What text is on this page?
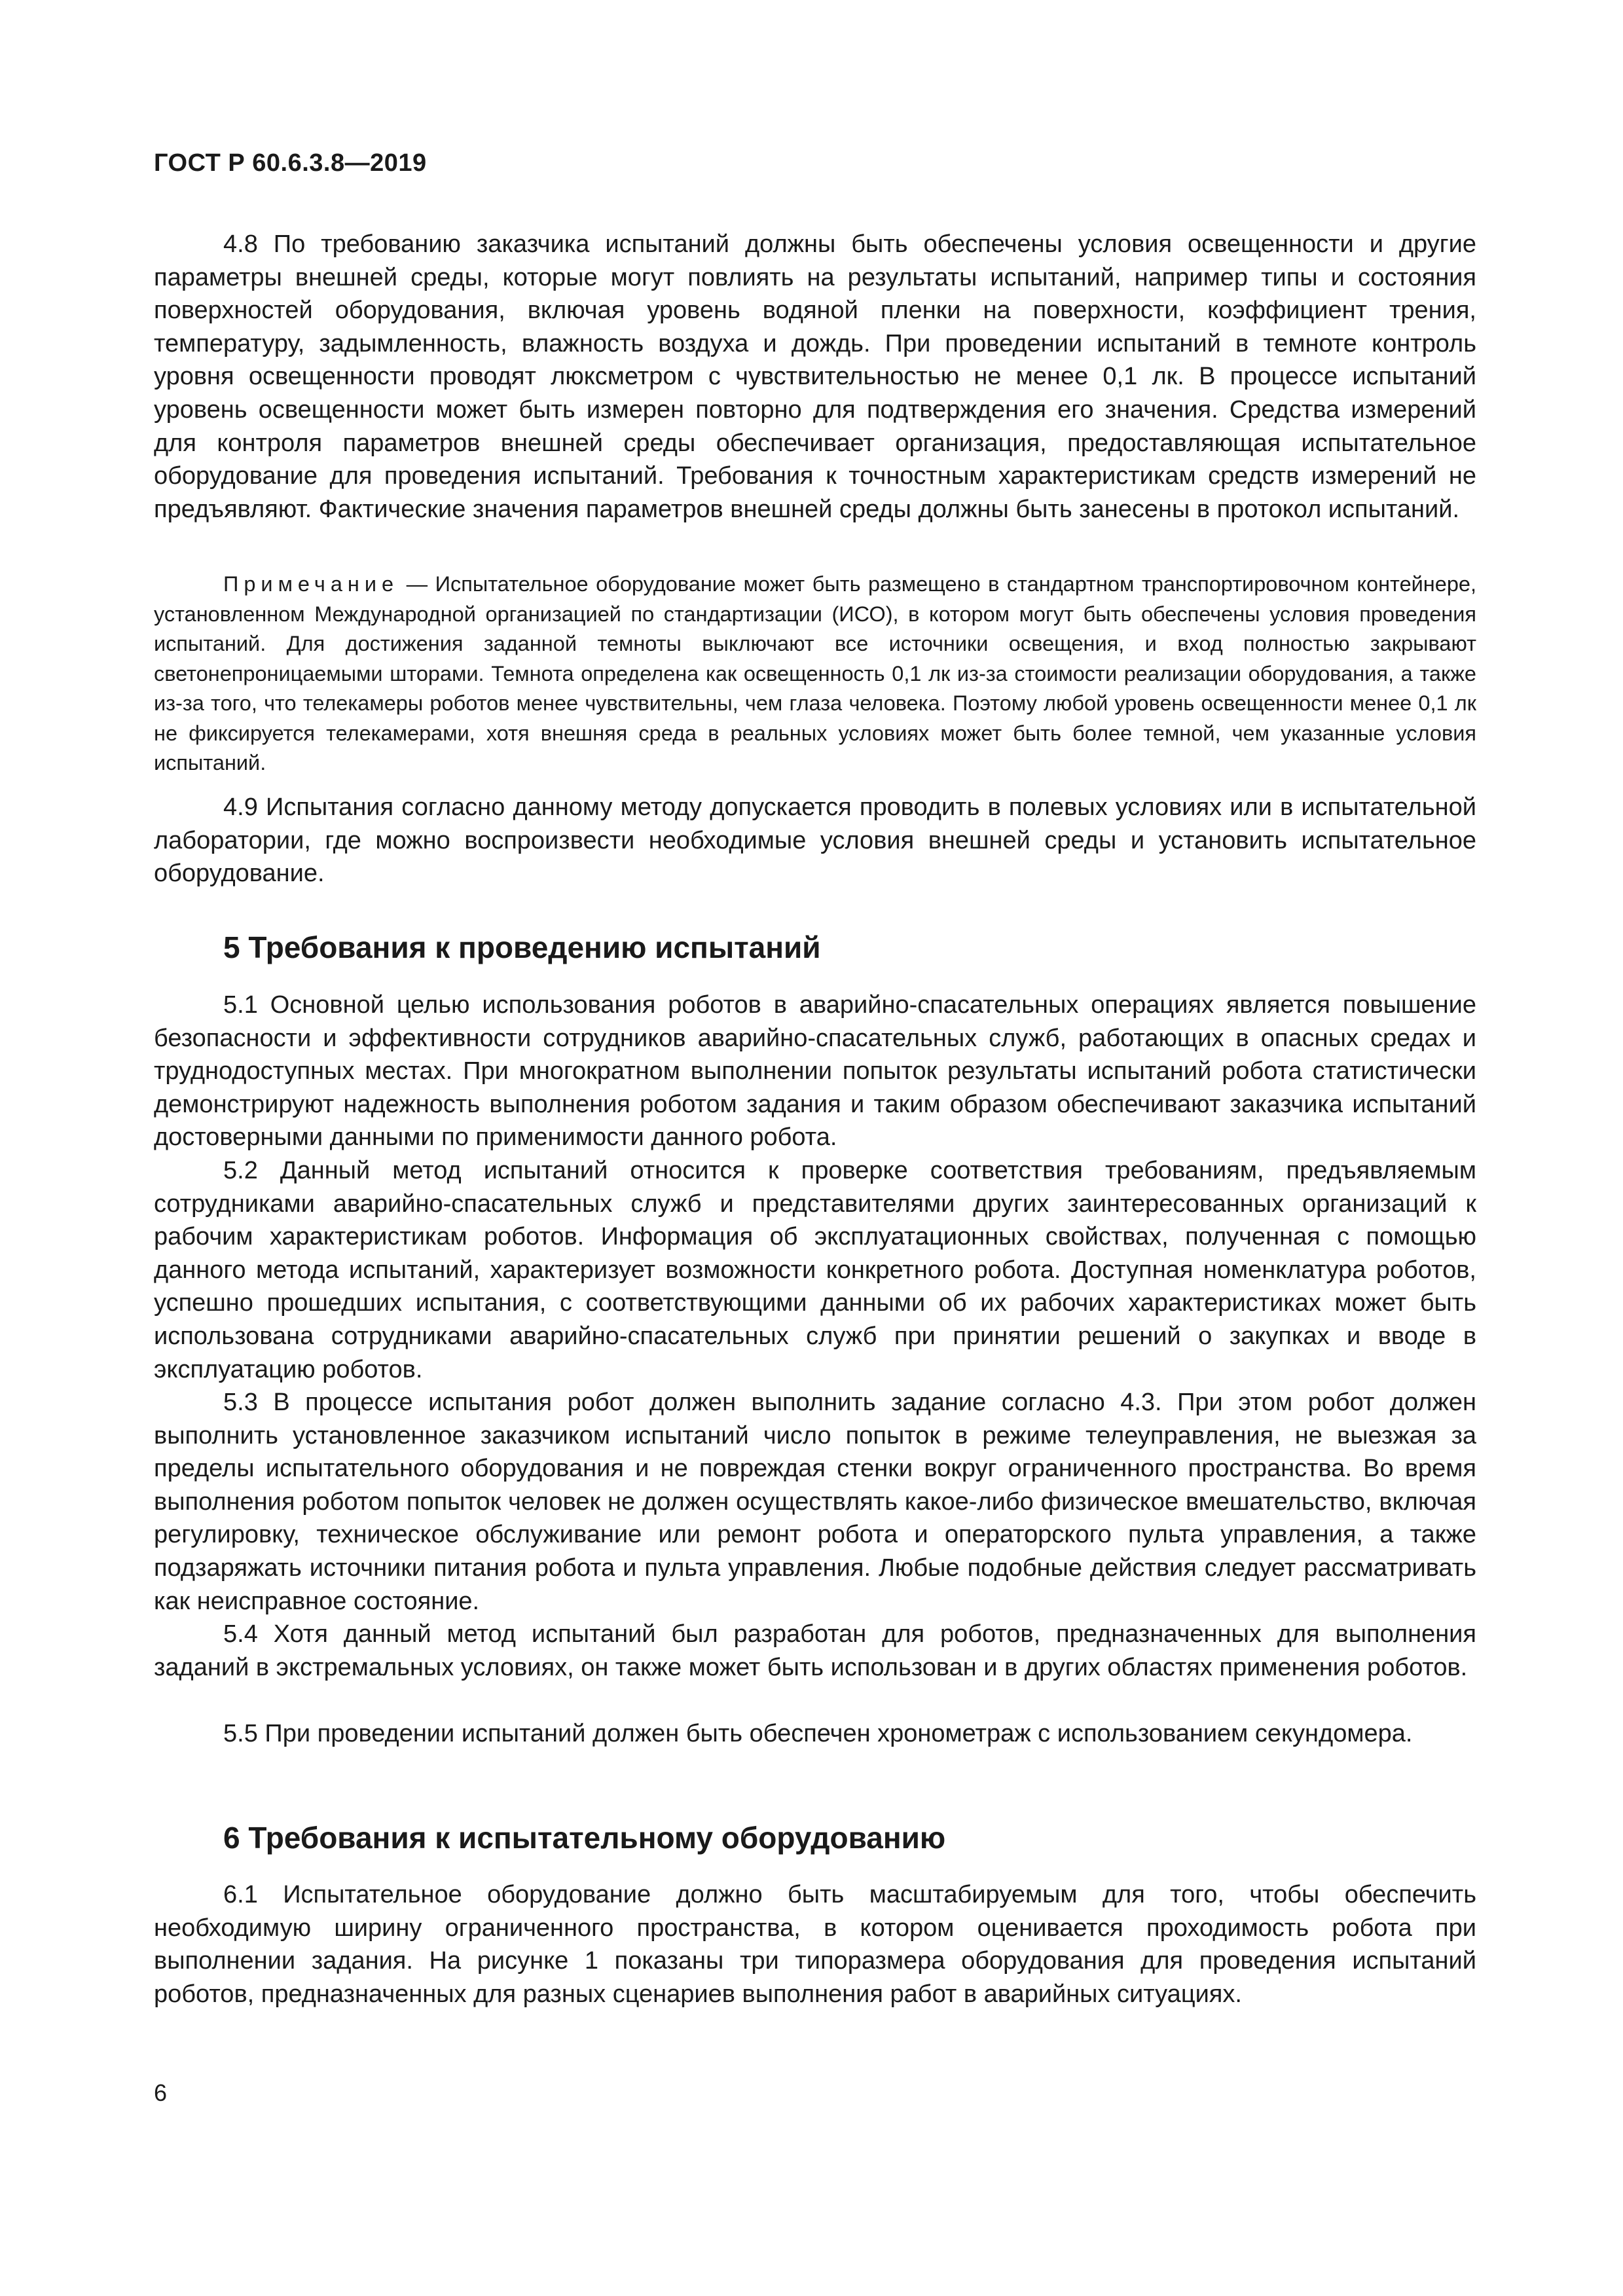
ГОСТ Р 60.6.3.8—2019

4.8 По требованию заказчика испытаний должны быть обеспечены условия освещенности и другие параметры внешней среды, которые могут повлиять на результаты испытаний, например типы и состояния поверхностей оборудования, включая уровень водяной пленки на поверхности, коэффициент трения, температуру, задымленность, влажность воздуха и дождь. При проведении испытаний в темноте контроль уровня освещенности проводят люксметром с чувствительностью не менее 0,1 лк. В процессе испытаний уровень освещенности может быть измерен повторно для подтверждения его значения. Средства измерений для контроля параметров внешней среды обеспечивает организация, предоставляющая испытательное оборудование для проведения испытаний. Требования к точностным характеристикам средств измерений не предъявляют. Фактические значения параметров внешней среды должны быть занесены в протокол испытаний.

Примечание — Испытательное оборудование может быть размещено в стандартном транспортировочном контейнере, установленном Международной организацией по стандартизации (ИСО), в котором могут быть обеспечены условия проведения испытаний. Для достижения заданной темноты выключают все источники освещения, и вход полностью закрывают светонепроницаемыми шторами. Темнота определена как освещенность 0,1 лк из-за стоимости реализации оборудования, а также из-за того, что телекамеры роботов менее чувствительны, чем глаза человека. Поэтому любой уровень освещенности менее 0,1 лк не фиксируется телекамерами, хотя внешняя среда в реальных условиях может быть более темной, чем указанные условия испытаний.

4.9 Испытания согласно данному методу допускается проводить в полевых условиях или в испытательной лаборатории, где можно воспроизвести необходимые условия внешней среды и установить испытательное оборудование.

5 Требования к проведению испытаний

5.1 Основной целью использования роботов в аварийно-спасательных операциях является повышение безопасности и эффективности сотрудников аварийно-спасательных служб, работающих в опасных средах и труднодоступных местах. При многократном выполнении попыток результаты испытаний робота статистически демонстрируют надежность выполнения роботом задания и таким образом обеспечивают заказчика испытаний достоверными данными по применимости данного робота.

5.2 Данный метод испытаний относится к проверке соответствия требованиям, предъявляемым сотрудниками аварийно-спасательных служб и представителями других заинтересованных организаций к рабочим характеристикам роботов. Информация об эксплуатационных свойствах, полученная с помощью данного метода испытаний, характеризует возможности конкретного робота. Доступная номенклатура роботов, успешно прошедших испытания, с соответствующими данными об их рабочих характеристиках может быть использована сотрудниками аварийно-спасательных служб при принятии решений о закупках и вводе в эксплуатацию роботов.

5.3 В процессе испытания робот должен выполнить задание согласно 4.3. При этом робот должен выполнить установленное заказчиком испытаний число попыток в режиме телеуправления, не выезжая за пределы испытательного оборудования и не повреждая стенки вокруг ограниченного пространства. Во время выполнения роботом попыток человек не должен осуществлять какое-либо физическое вмешательство, включая регулировку, техническое обслуживание или ремонт робота и операторского пульта управления, а также подзаряжать источники питания робота и пульта управления. Любые подобные действия следует рассматривать как неисправное состояние.

5.4 Хотя данный метод испытаний был разработан для роботов, предназначенных для выполнения заданий в экстремальных условиях, он также может быть использован и в других областях применения роботов.

5.5 При проведении испытаний должен быть обеспечен хронометраж с использованием секундомера.

6 Требования к испытательному оборудованию

6.1 Испытательное оборудование должно быть масштабируемым для того, чтобы обеспечить необходимую ширину ограниченного пространства, в котором оценивается проходимость робота при выполнении задания. На рисунке 1 показаны три типоразмера оборудования для проведения испытаний роботов, предназначенных для разных сценариев выполнения работ в аварийных ситуациях.

6
